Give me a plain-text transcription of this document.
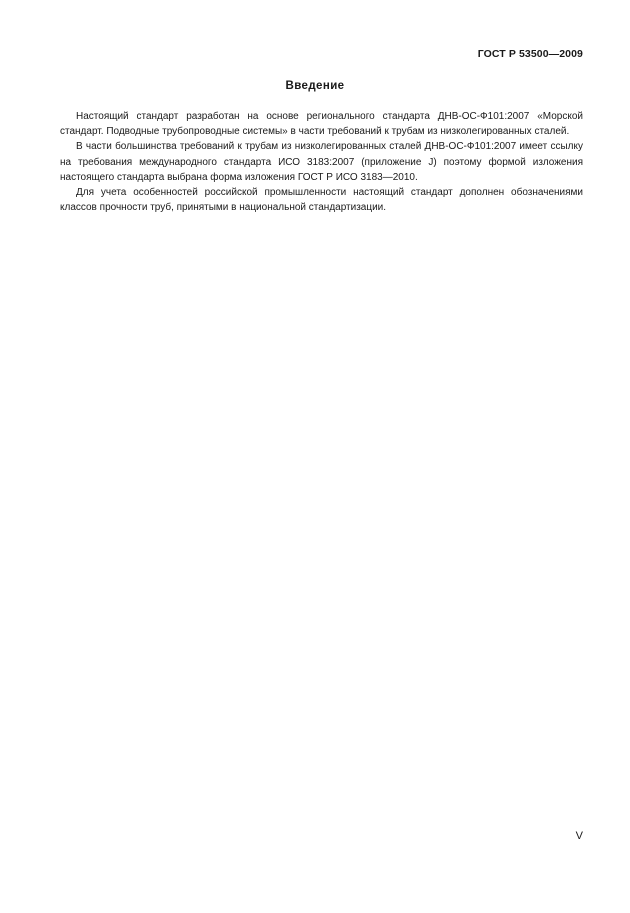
ГОСТ Р 53500—2009
Введение

Настоящий стандарт разработан на основе регионального стандарта ДНВ-ОС-Ф101:2007 «Морской стандарт. Подводные трубопроводные системы» в части требований к трубам из низколегированных сталей.

В части большинства требований к трубам из низколегированных сталей ДНВ-ОС-Ф101:2007 имеет ссылку на требования международного стандарта ИСО 3183:2007 (приложение J) поэтому формой изложения настоящего стандарта выбрана форма изложения ГОСТ Р ИСО 3183—2010.

Для учета особенностей российской промышленности настоящий стандарт дополнен обозначениями классов прочности труб, принятыми в национальной стандартизации.

V
